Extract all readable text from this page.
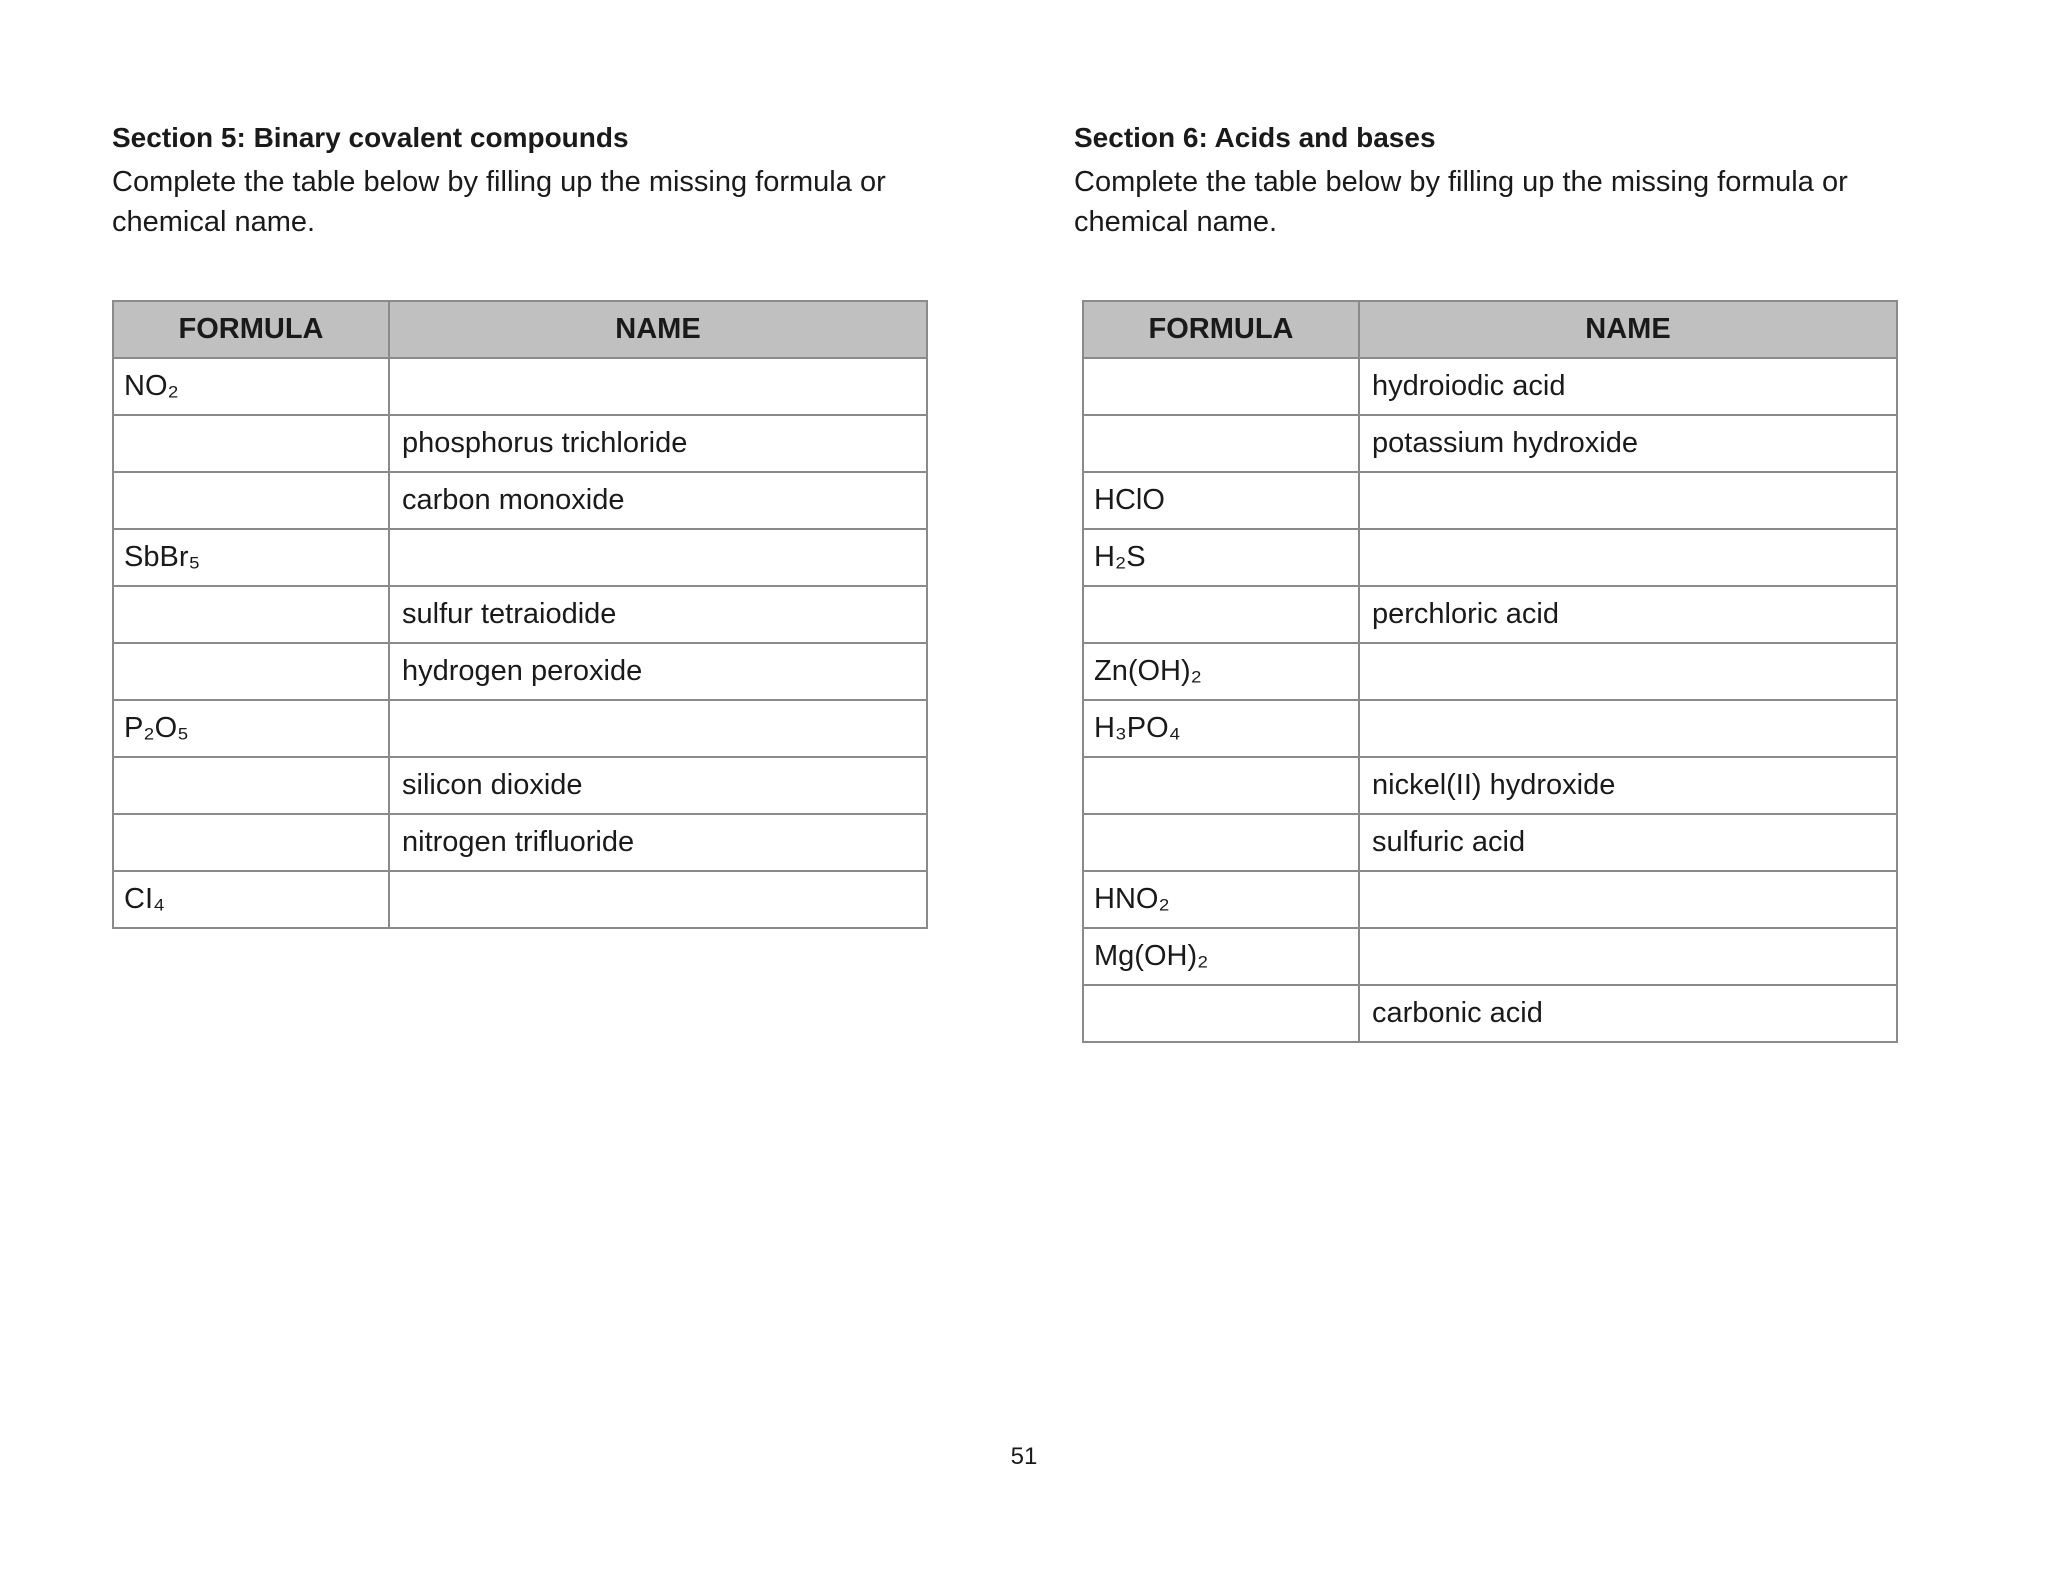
Section 5: Binary covalent compounds

Complete the table below by filling up the missing formula or chemical name.

FORMULA	NAME
NO₂	
	phosphorus trichloride
	carbon monoxide
SbBr₅	
	sulfur tetraiodide
	hydrogen peroxide
P₂O₅	
	silicon dioxide
	nitrogen trifluoride
CI₄	
Section 6: Acids and bases

Complete the table below by filling up the missing formula or chemical name.

FORMULA	NAME
	hydroiodic acid
	potassium hydroxide
HClO	
H₂S	
	perchloric acid
Zn(OH)₂	
H₃PO₄	
	nickel(II) hydroxide
	sulfuric acid
HNO₂	
Mg(OH)₂	
	carbonic acid
51
